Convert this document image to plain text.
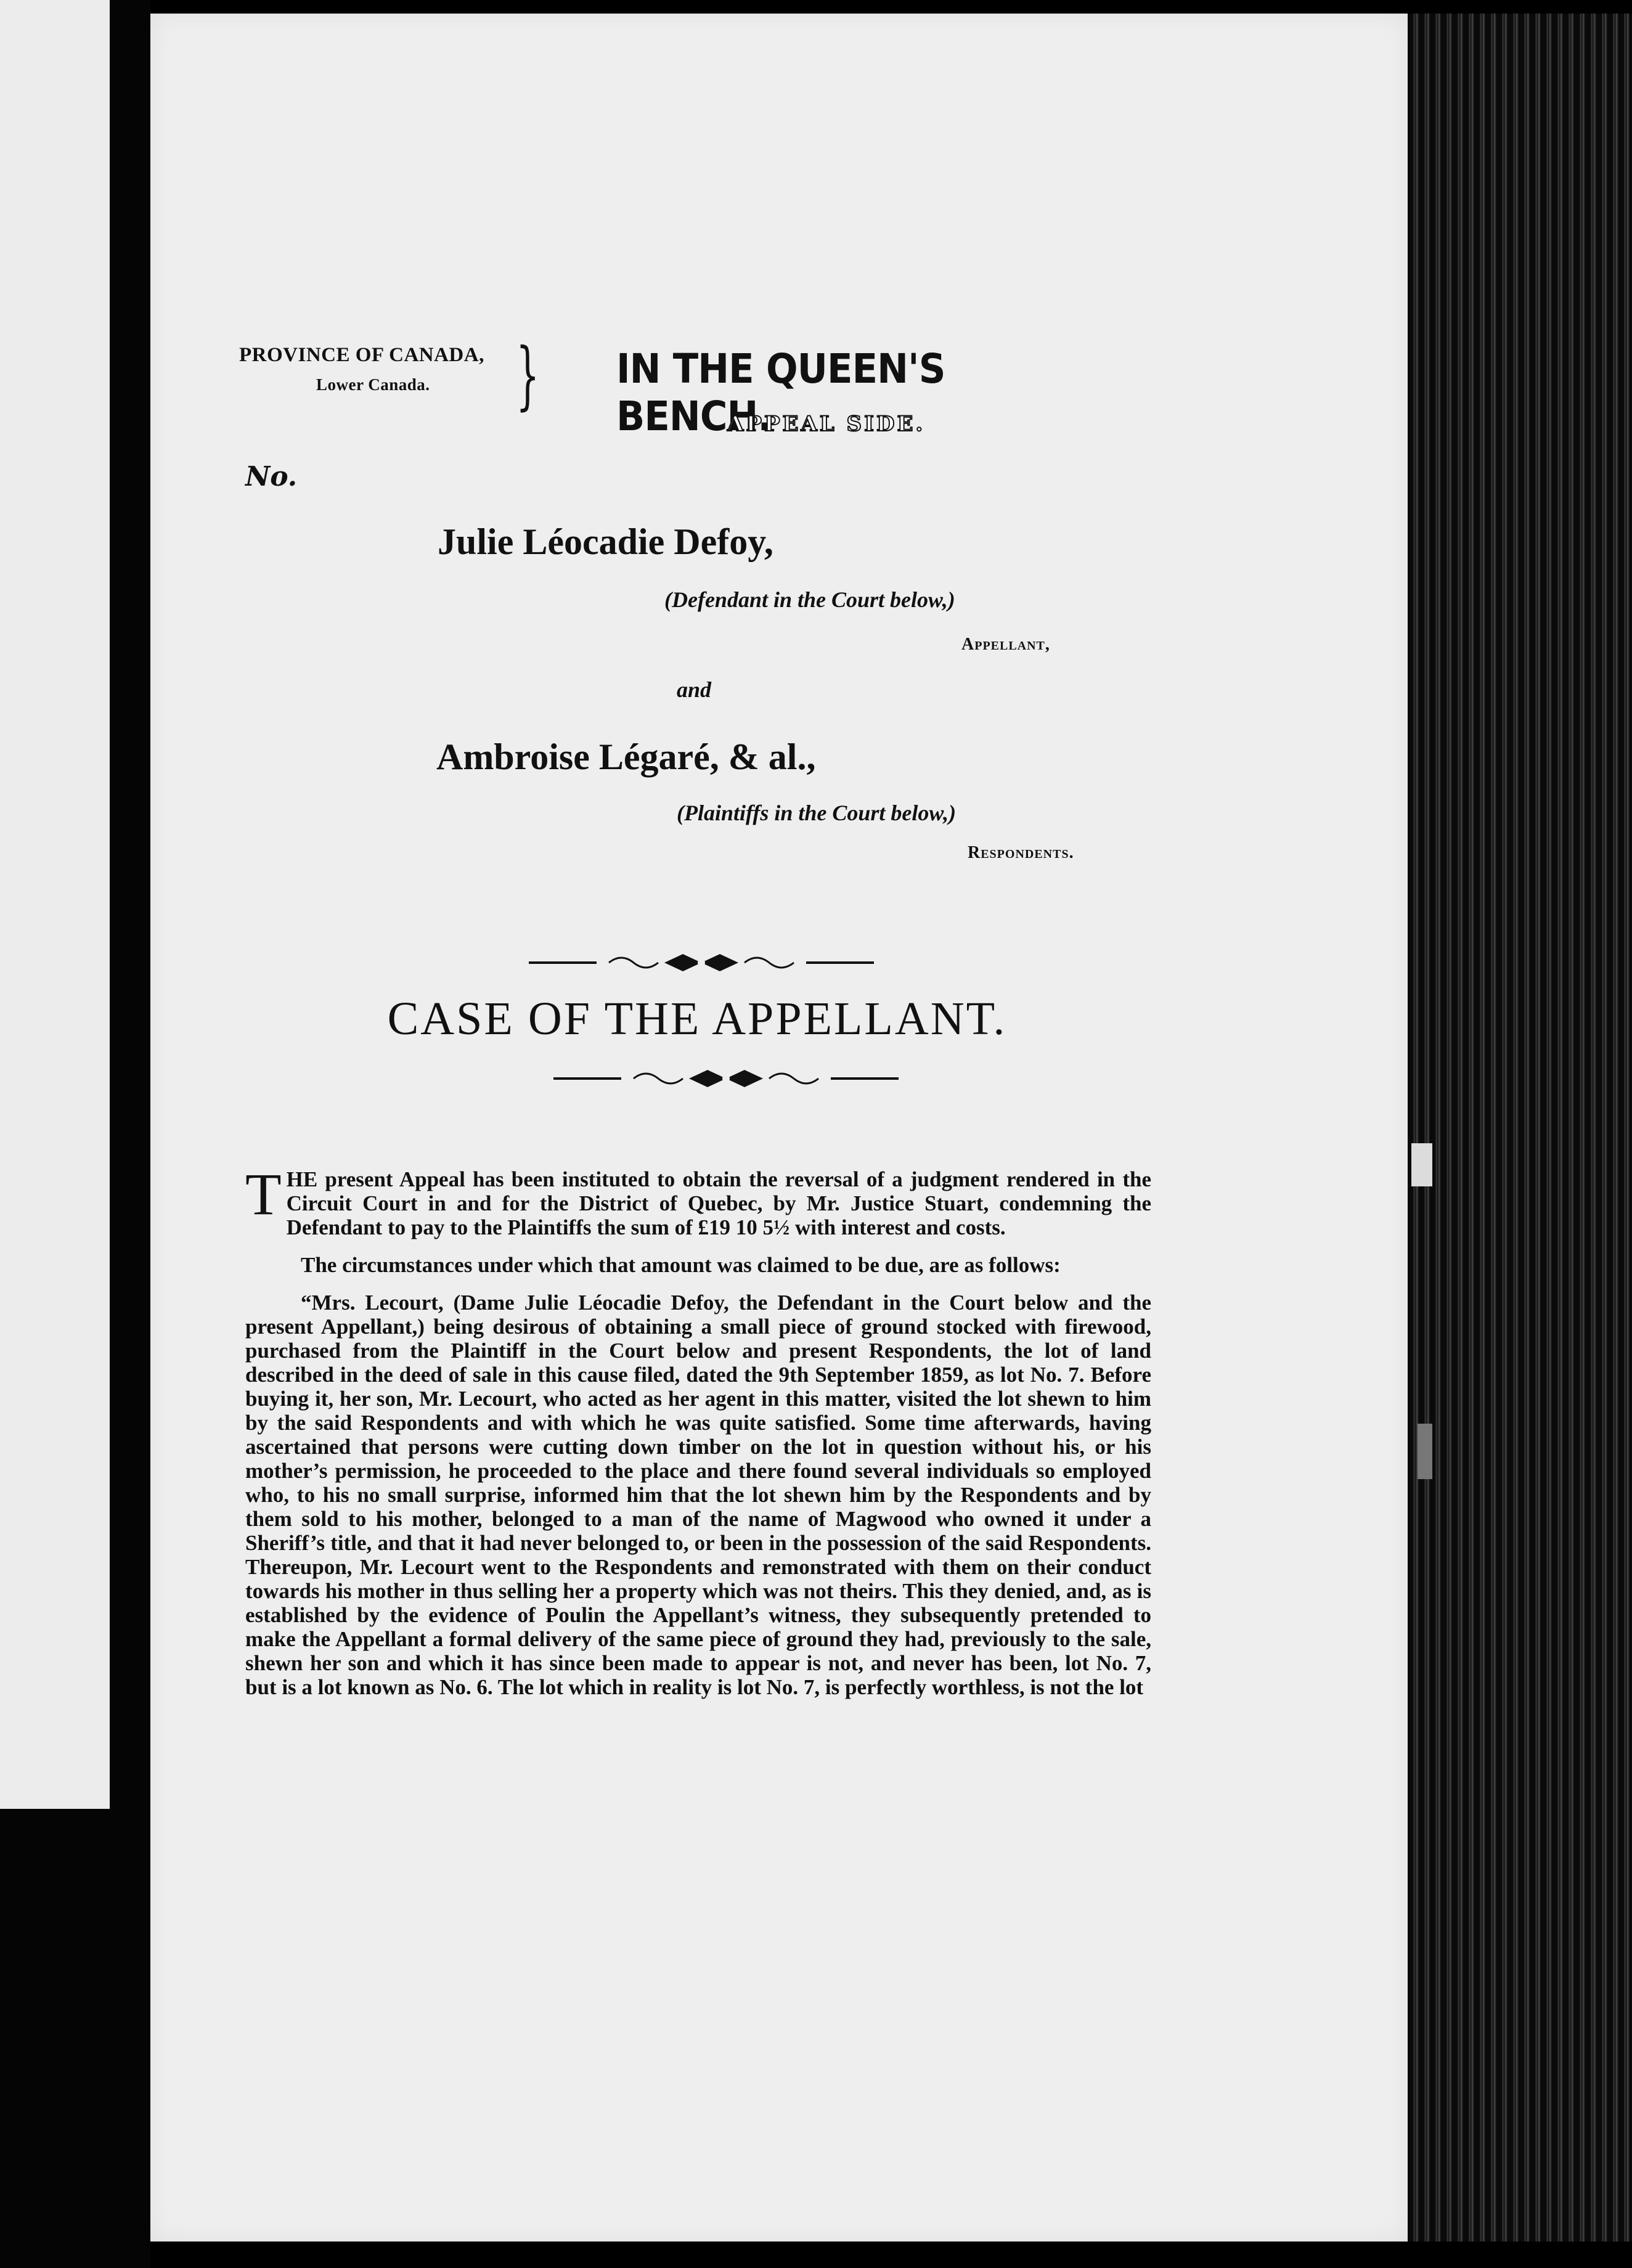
PROVINCE OF CANADA,
Lower Canada.	} IN THE QUEEN'S BENCH.
APPEAL SIDE.
No.
Julie Léocadie Defoy,
(Defendant in the Court below,)
Appellant,
and
Ambroise Légaré, & al.,
(Plaintiffs in the Court below,)
Respondents.
CASE OF THE APPELLANT.

THE present Appeal has been instituted to obtain the reversal of a judgment rendered in the Circuit Court in and for the District of Quebec, by Mr. Justice Stuart, condemning the Defendant to pay to the Plaintiffs the sum of £19 10 5½ with interest and costs.

The circumstances under which that amount was claimed to be due, are as follows:

“Mrs. Lecourt, (Dame Julie Léocadie Defoy, the Defendant in the Court below and the present Appellant,) being desirous of obtaining a small piece of ground stocked with firewood, purchased from the Plaintiff in the Court below and present Respondents, the lot of land described in the deed of sale in this cause filed, dated the 9th September 1859, as lot No. 7. Before buying it, her son, Mr. Lecourt, who acted as her agent in this matter, visited the lot shewn to him by the said Respondents and with which he was quite satisfied. Some time afterwards, having ascertained that persons were cutting down timber on the lot in question without his, or his mother’s permission, he proceeded to the place and there found several individuals so employed who, to his no small surprise, informed him that the lot shewn him by the Respondents and by them sold to his mother, belonged to a man of the name of Magwood who owned it under a Sheriff’s title, and that it had never belonged to, or been in the possession of the said Respondents. Thereupon, Mr. Lecourt went to the Respondents and remonstrated with them on their conduct towards his mother in thus selling her a property which was not theirs. This they denied, and, as is established by the evidence of Poulin the Appellant’s witness, they subsequently pretended to make the Appellant a formal delivery of the same piece of ground they had, previously to the sale, shewn her son and which it has since been made to appear is not, and never has been, lot No. 7, but is a lot known as No. 6. The lot which in reality is lot No. 7, is perfectly worthless, is not the lot
